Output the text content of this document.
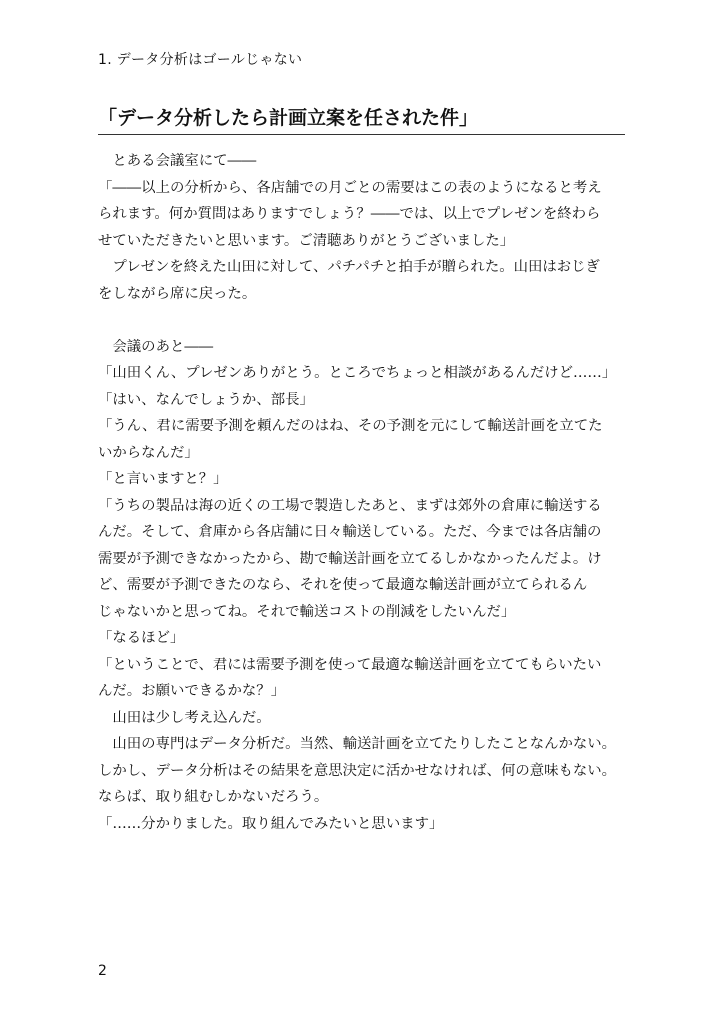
1. データ分析はゴールじゃない
「データ分析したら計画立案を任された件」

とある会議室にて――

「――以上の分析から、各店舗での月ごとの需要はこの表のようになると考え

られます。何か質問はありますでしょう？――では、以上でプレゼンを終わら

せていただきたいと思います。ご清聴ありがとうございました」

プレゼンを終えた山田に対して、パチパチと拍手が贈られた。山田はおじぎ

をしながら席に戻った。

会議のあと――

「山田くん、プレゼンありがとう。ところでちょっと相談があるんだけど……」

「はい、なんでしょうか、部長」

「うん、君に需要予測を頼んだのはね、その予測を元にして輸送計画を立てた

いからなんだ」

「と言いますと？」

「うちの製品は海の近くの工場で製造したあと、まずは郊外の倉庫に輸送する

んだ。そして、倉庫から各店舗に日々輸送している。ただ、今までは各店舗の

需要が予測できなかったから、勘で輸送計画を立てるしかなかったんだよ。け

ど、需要が予測できたのなら、それを使って最適な輸送計画が立てられるん

じゃないかと思ってね。それで輸送コストの削減をしたいんだ」

「なるほど」

「ということで、君には需要予測を使って最適な輸送計画を立ててもらいたい

んだ。お願いできるかな？」

山田は少し考え込んだ。

山田の専門はデータ分析だ。当然、輸送計画を立てたりしたことなんかない。

しかし、データ分析はその結果を意思決定に活かせなければ、何の意味もない。

ならば、取り組むしかないだろう。

「……分かりました。取り組んでみたいと思います」

2
